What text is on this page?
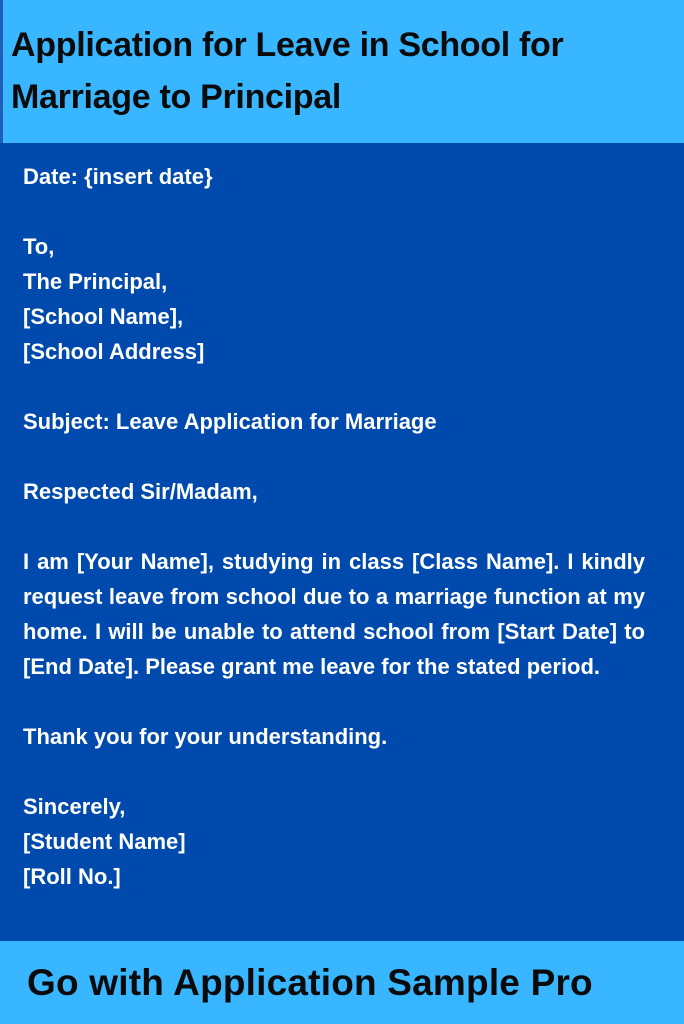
Application for Leave in School for
Marriage to Principal

Date: {insert date}

To,

The Principal,

[School Name],

[School Address]

Subject: Leave Application for Marriage

Respected Sir/Madam,

I am [Your Name], studying in class [Class Name]. I kindly request leave from school due to a marriage function at my home. I will be unable to attend school from [Start Date] to [End Date]. Please grant me leave for the stated period.

Thank you for your understanding.

Sincerely,

[Student Name]

[Roll No.]

Go with Application Sample Pro
